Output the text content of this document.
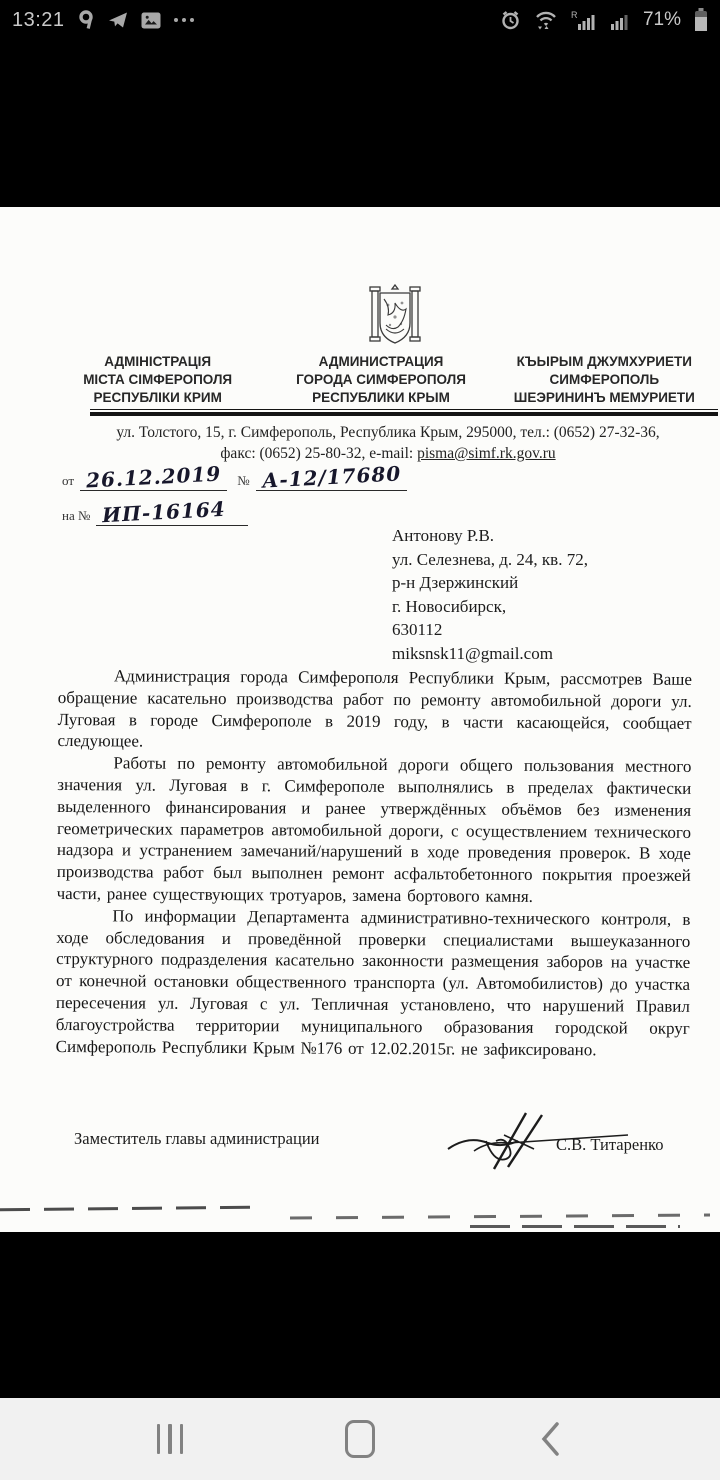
13:21	R	71%
АДМІНІСТРАЦІЯ
МІСТА СІМФЕРОПОЛЯ
РЕСПУБЛІКИ КРИМ
АДМИНИСТРАЦИЯ
ГОРОДА СИМФЕРОПОЛЯ
РЕСПУБЛИКИ КРЫМ
КЪЫРЫМ ДЖУМХУРИЕТИ
СИМФЕРОПОЛЬ
ШЕЭРИНИНЪ МЕМУРИЕТИ
ул. Толстого, 15, г. Симферополь, Республика Крым, 295000, тел.: (0652) 27-32-36,
факс: (0652) 25-80-32, e-mail: pisma@simf.rk.gov.ru
от 26.12.2019	№ А-12/17680
на № ИП-16164
Антонову Р.В.
ул. Селезнева, д. 24, кв. 72,
р-н Дзержинский
г. Новосибирск,
630112
miksnsk11@gmail.com

Администрация города Симферополя Республики Крым, рассмотрев Ваше обращение касательно производства работ по ремонту автомобильной дороги ул. Луговая в городе Симферополе в 2019 году, в части касающейся, сообщает следующее.

Работы по ремонту автомобильной дороги общего пользования местного значения ул. Луговая в г. Симферополе выполнялись в пределах фактически выделенного финансирования и ранее утверждённых объёмов без изменения геометрических параметров автомобильной дороги, с осуществлением технического надзора и устранением замечаний/нарушений в ходе проведения проверок. В ходе производства работ был выполнен ремонт асфальтобетонного покрытия проезжей части, ранее существующих тротуаров, замена бортового камня.

По информации Департамента административно-технического контроля, в ходе обследования и проведённой проверки специалистами вышеуказанного структурного подразделения касательно законности размещения заборов на участке от конечной остановки общественного транспорта (ул. Автомобилистов) до участка пересечения ул. Луговая с ул. Тепличная установлено, что нарушений Правил благоустройства территории муниципального образования городской округ Симферополь Республики Крым №176 от 12.02.2015г. не зафиксировано.

Заместитель главы администрации	С.В. Титаренко
